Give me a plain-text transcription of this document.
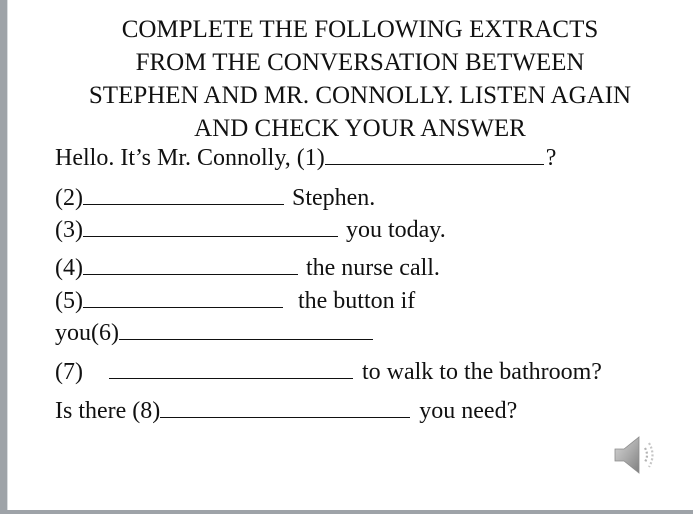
COMPLETE THE FOLLOWING EXTRACTS
FROM THE CONVERSATION BETWEEN
STEPHEN AND MR. CONNOLLY. LISTEN AGAIN
AND CHECK YOUR ANSWER
Hello. It’s Mr. Connolly, (1)	?
(2)	Stephen.
(3)	you today.
(4)	the nurse call.
(5)	the button if
you(6)
(7)	to walk to the bathroom?
Is there (8)	you need?
